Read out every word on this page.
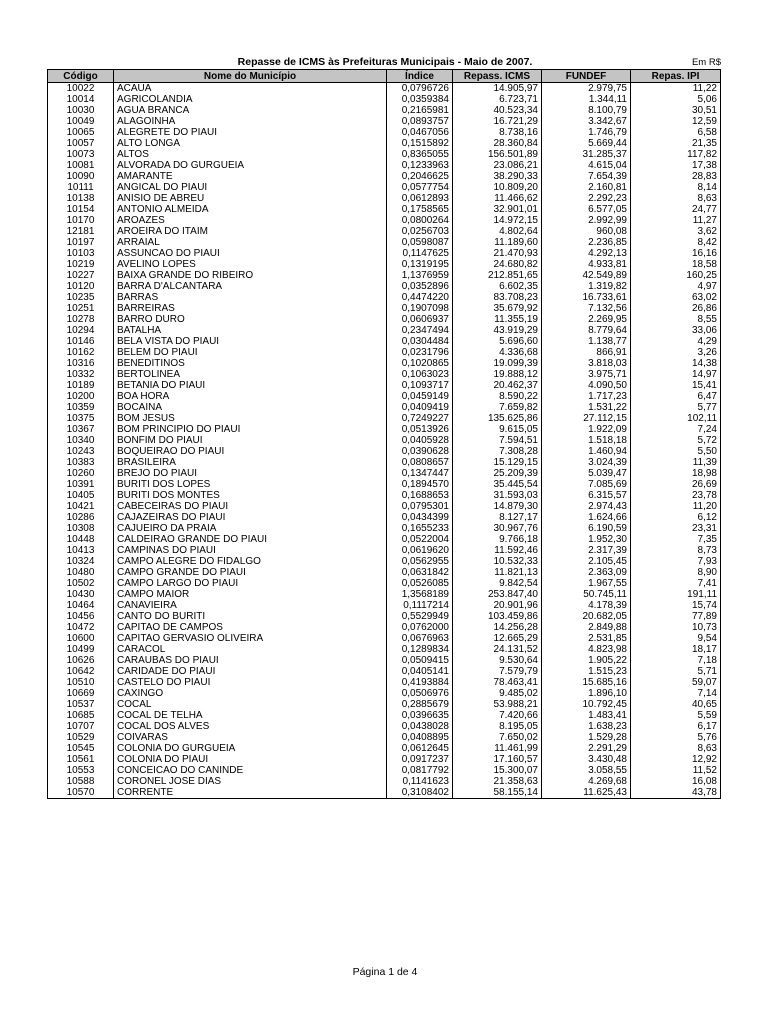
Repasse de ICMS às Prefeituras Municipais - Maio de 2007.	Em R$
Código	Nome do Município	Índice	Repass. ICMS	FUNDEF	Repas. IPI
10022	ACAUA	0,0796726	14.905,97	2.979,75	11,22
10014	AGRICOLANDIA	0,0359384	6.723,71	1.344,11	5,06
10030	AGUA BRANCA	0,2165981	40.523,34	8.100,79	30,51
10049	ALAGOINHA	0,0893757	16.721,29	3.342,67	12,59
10065	ALEGRETE DO PIAUI	0,0467056	8.738,16	1.746,79	6,58
10057	ALTO LONGA	0,1515892	28.360,84	5.669,44	21,35
10073	ALTOS	0,8365055	156.501,89	31.285,37	117,82
10081	ALVORADA DO GURGUEIA	0,1233963	23.086,21	4.615,04	17,38
10090	AMARANTE	0,2046625	38.290,33	7.654,39	28,83
10111	ANGICAL DO PIAUI	0,0577754	10.809,20	2.160,81	8,14
10138	ANISIO DE ABREU	0,0612893	11.466,62	2.292,23	8,63
10154	ANTONIO ALMEIDA	0,1758565	32.901,01	6.577,05	24,77
10170	AROAZES	0,0800264	14.972,15	2.992,99	11,27
12181	AROEIRA DO ITAIM	0,0256703	4.802,64	960,08	3,62
10197	ARRAIAL	0,0598087	11.189,60	2.236,85	8,42
10103	ASSUNCAO DO PIAUI	0,1147625	21.470,93	4.292,13	16,16
10219	AVELINO LOPES	0,1319195	24.680,82	4.933,81	18,58
10227	BAIXA GRANDE DO RIBEIRO	1,1376959	212.851,65	42.549,89	160,25
10120	BARRA D'ALCANTARA	0,0352896	6.602,35	1.319,82	4,97
10235	BARRAS	0,4474220	83.708,23	16.733,61	63,02
10251	BARREIRAS	0,1907098	35.679,92	7.132,56	26,86
10278	BARRO DURO	0,0606937	11.355,19	2.269,95	8,55
10294	BATALHA	0,2347494	43.919,29	8.779,64	33,06
10146	BELA VISTA DO PIAUI	0,0304484	5.696,60	1.138,77	4,29
10162	BELEM DO PIAUI	0,0231796	4.336,68	866,91	3,26
10316	BENEDITINOS	0,1020865	19.099,39	3.818,03	14,38
10332	BERTOLINEA	0,1063023	19.888,12	3.975,71	14,97
10189	BETANIA DO PIAUI	0,1093717	20.462,37	4.090,50	15,41
10200	BOA HORA	0,0459149	8.590,22	1.717,23	6,47
10359	BOCAINA	0,0409419	7.659,82	1.531,22	5,77
10375	BOM JESUS	0,7249227	135.625,86	27.112,15	102,11
10367	BOM PRINCIPIO DO PIAUI	0,0513926	9.615,05	1.922,09	7,24
10340	BONFIM DO PIAUI	0,0405928	7.594,51	1.518,18	5,72
10243	BOQUEIRAO DO PIAUI	0,0390628	7.308,28	1.460,94	5,50
10383	BRASILEIRA	0,0808657	15.129,15	3.024,39	11,39
10260	BREJO DO PIAUI	0,1347447	25.209,39	5.039,47	18,98
10391	BURITI DOS LOPES	0,1894570	35.445,54	7.085,69	26,69
10405	BURITI DOS MONTES	0,1688653	31.593,03	6.315,57	23,78
10421	CABECEIRAS DO PIAUI	0,0795301	14.879,30	2.974,43	11,20
10286	CAJAZEIRAS DO PIAUI	0,0434399	8.127,17	1.624,66	6,12
10308	CAJUEIRO DA PRAIA	0,1655233	30.967,76	6.190,59	23,31
10448	CALDEIRAO GRANDE DO PIAUI	0,0522004	9.766,18	1.952,30	7,35
10413	CAMPINAS DO PIAUI	0,0619620	11.592,46	2.317,39	8,73
10324	CAMPO ALEGRE DO FIDALGO	0,0562955	10.532,33	2.105,45	7,93
10480	CAMPO GRANDE DO PIAUI	0,0631842	11.821,13	2.363,09	8,90
10502	CAMPO LARGO DO PIAUI	0,0526085	9.842,54	1.967,55	7,41
10430	CAMPO MAIOR	1,3568189	253.847,40	50.745,11	191,11
10464	CANAVIEIRA	0,1117214	20.901,96	4.178,39	15,74
10456	CANTO DO BURITI	0,5529949	103.459,86	20.682,05	77,89
10472	CAPITAO DE CAMPOS	0,0762000	14.256,28	2.849,88	10,73
10600	CAPITAO GERVASIO OLIVEIRA	0,0676963	12.665,29	2.531,85	9,54
10499	CARACOL	0,1289834	24.131,52	4.823,98	18,17
10626	CARAUBAS DO PIAUI	0,0509415	9.530,64	1.905,22	7,18
10642	CARIDADE DO PIAUI	0,0405141	7.579,79	1.515,23	5,71
10510	CASTELO DO PIAUI	0,4193884	78.463,41	15.685,16	59,07
10669	CAXINGO	0,0506976	9.485,02	1.896,10	7,14
10537	COCAL	0,2885679	53.988,21	10.792,45	40,65
10685	COCAL DE TELHA	0,0396635	7.420,66	1.483,41	5,59
10707	COCAL DOS ALVES	0,0438028	8.195,05	1.638,23	6,17
10529	COIVARAS	0,0408895	7.650,02	1.529,28	5,76
10545	COLONIA DO GURGUEIA	0,0612645	11.461,99	2.291,29	8,63
10561	COLONIA DO PIAUI	0,0917237	17.160,57	3.430,48	12,92
10553	CONCEICAO DO CANINDE	0,0817792	15.300,07	3.058,55	11,52
10588	CORONEL JOSE DIAS	0,1141623	21.358,63	4.269,68	16,08
10570	CORRENTE	0,3108402	58.155,14	11.625,43	43,78
Página 1 de 4
